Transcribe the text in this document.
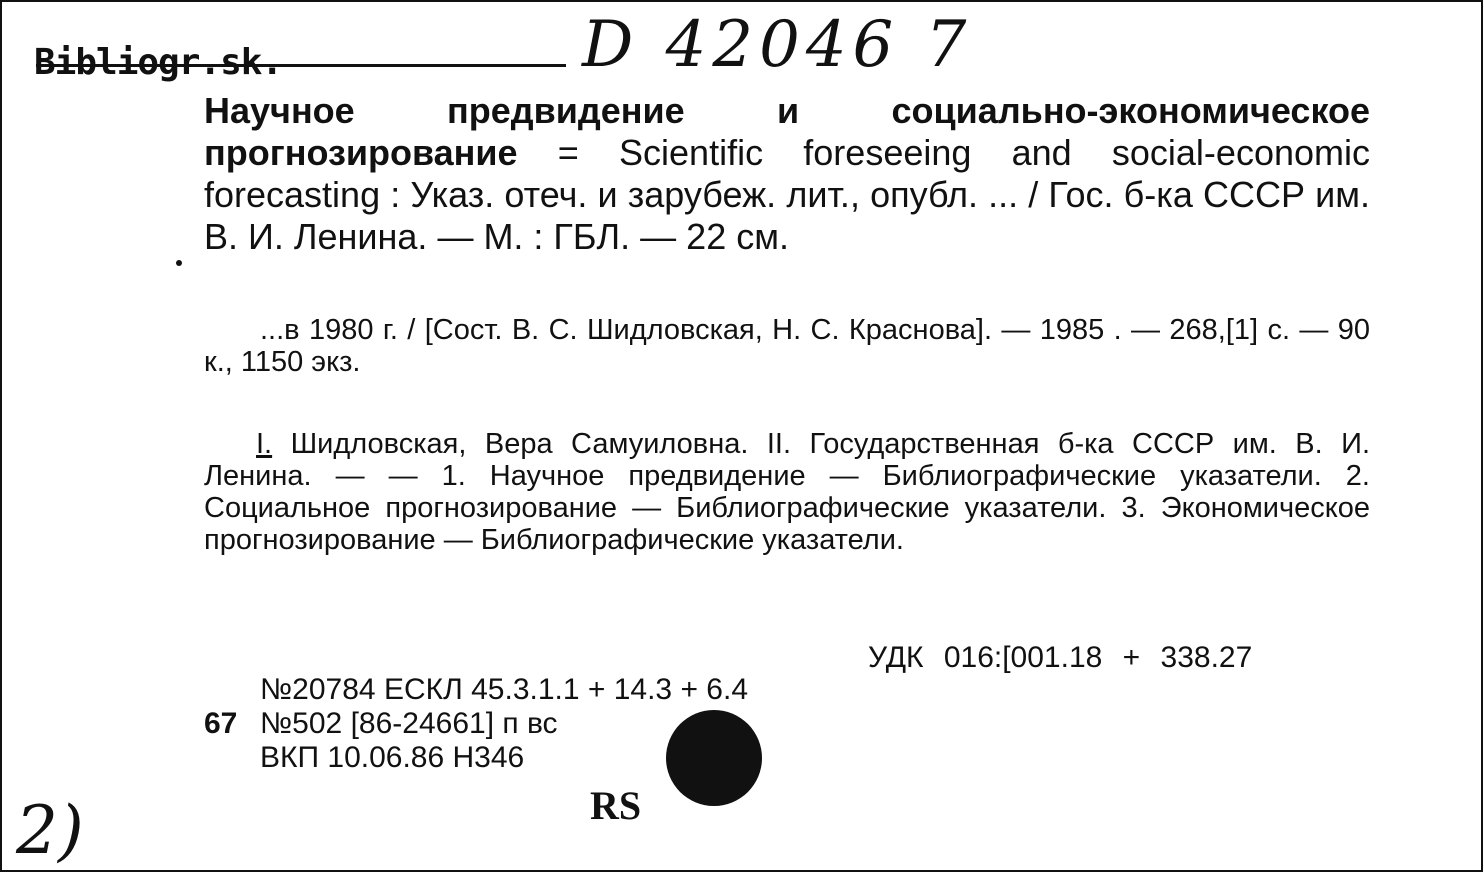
Bibliogr.sk.	D 42046 7
Научное предвидение и социально-экономическое прогнозирование = Scientific foreseeing and social-economic forecasting : Указ. отеч. и зарубеж. лит., опубл. ... / Гос. б-ка СССР им. В. И. Ленина. — М. : ГБЛ. — 22 см.
...в 1980 г. / [Сост. В. С. Шидловская, Н. С. Краснова]. — 1985 . — 268,[1] с. — 90 к., 1150 экз.
I. Шидловская, Вера Самуиловна. II. Государственная б-ка СССР им. В. И. Ленина. — — 1. Научное предвидение — Библиографические указатели. 2. Социальное прогнозирование — Библиографические указатели. 3. Экономическое прогнозирование — Библиографические указатели.
УДК 016:[001.18 + 338.27
№20784 ЕСКЛ 45.3.1.1 + 14.3 + 6.4
67 №502 [86-24661] п вс
ВКП 10.06.86 Н346
RS
2)
